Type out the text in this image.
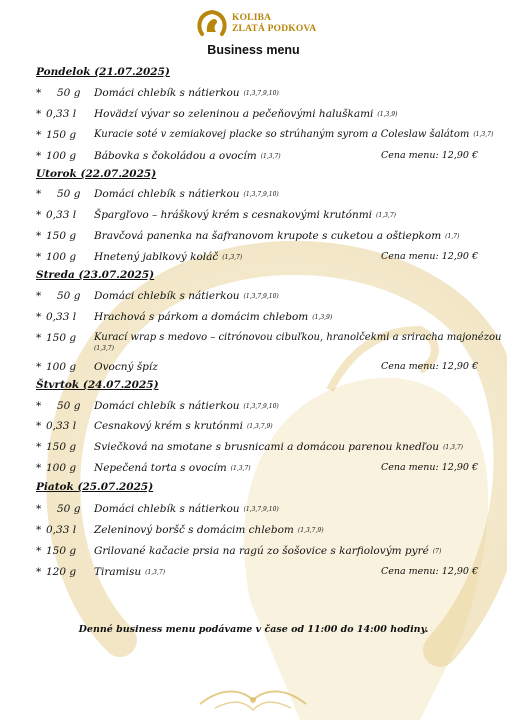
KOLIBA
ZLATÁ PODKOVA
Business menu
Pondelok (21.07.2025)
* 50 g Domáci chlebík s nátierkou (1,3,7,9,10)
* 0,33 l Hovädzí vývar so zeleninou a pečeňovými haluškami (1,3,9)
* 150 g Kuracie soté v zemiakovej placke so strúhaným syrom a Coleslaw šalátom (1,3,7)
* 100 g Bábovka s čokoládou a ovocím (1,3,7)	Cena menu: 12,90 €
Utorok (22.07.2025)
* 50 g Domáci chlebík s nátierkou (1,3,7,9,10)
* 0,33 l Špargľovo – hráškový krém s cesnakovými krutónmi (1,3,7)
* 150 g Bravčová panenka na šafranovom krupote s cuketou a oštiepkom (1,7)
* 100 g Hnetený jablkový koláč (1,3,7)	Cena menu: 12,90 €
Streda (23.07.2025)
* 50 g Domáci chlebík s nátierkou (1,3,7,9,10)
* 0,33 l Hrachová s párkom a domácim chlebom (1,3,9)
* 150 g Kurací wrap s medovo – citrónovou cibuľkou, hranolčekmi a sriracha majonézou
(1,3,7)
* 100 g Ovocný špíz	Cena menu: 12,90 €
Štvrtok (24.07.2025)
* 50 g Domáci chlebík s nátierkou (1,3,7,9,10)
* 0,33 l Cesnakový krém s krutónmi (1,3,7,9)
* 150 g Sviečková na smotane s brusnicami a domácou parenou knedľou (1,3,7)
* 100 g Nepečená torta s ovocím (1,3,7)	Cena menu: 12,90 €
Piatok (25.07.2025)
* 50 g Domáci chlebík s nátierkou (1,3,7,9,10)
* 0,33 l Zeleninový boršč s domácim chlebom (1,3,7,9)
* 150 g Grilované kačacie prsia na ragú zo šošovice s karfiolovým pyré (7)
* 120 g Tiramisu (1,3,7)	Cena menu: 12,90 €
Denné business menu podávame v čase od 11:00 do 14:00 hodiny.
